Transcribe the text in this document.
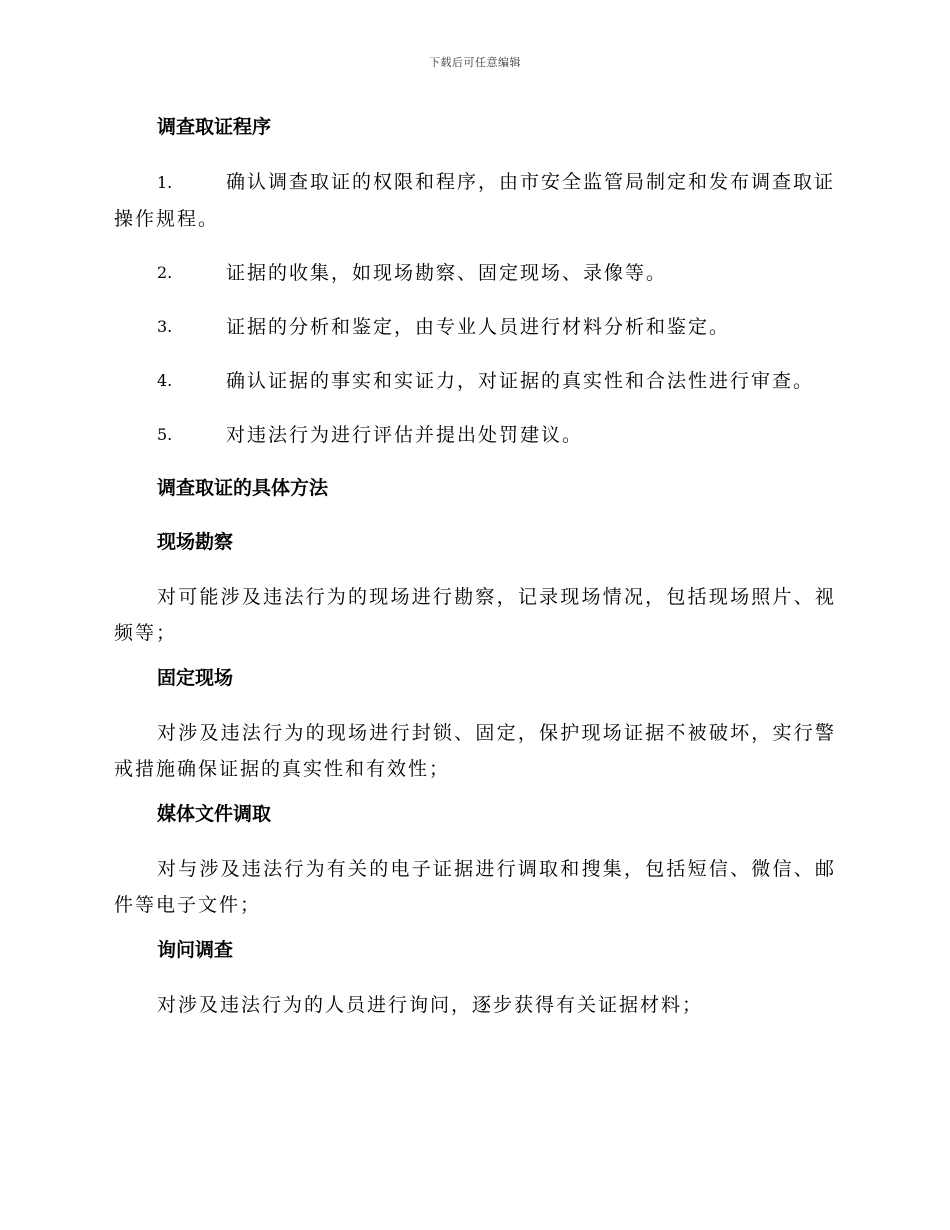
下载后可任意编辑
调查取证程序
1.	确认调查取证的权限和程序，由市安全监管局制定和发布调查取证操作规程。
2.	证据的收集，如现场勘察、固定现场、录像等。
3.	证据的分析和鉴定，由专业人员进行材料分析和鉴定。
4.	确认证据的事实和实证力，对证据的真实性和合法性进行审查。
5.	对违法行为进行评估并提出处罚建议。
调查取证的具体方法
现场勘察
对可能涉及违法行为的现场进行勘察，记录现场情况，包括现场照片、视频等；
固定现场
对涉及违法行为的现场进行封锁、固定，保护现场证据不被破坏，实行警戒措施确保证据的真实性和有效性；
媒体文件调取
对与涉及违法行为有关的电子证据进行调取和搜集，包括短信、微信、邮件等电子文件；
询问调查
对涉及违法行为的人员进行询问，逐步获得有关证据材料；
